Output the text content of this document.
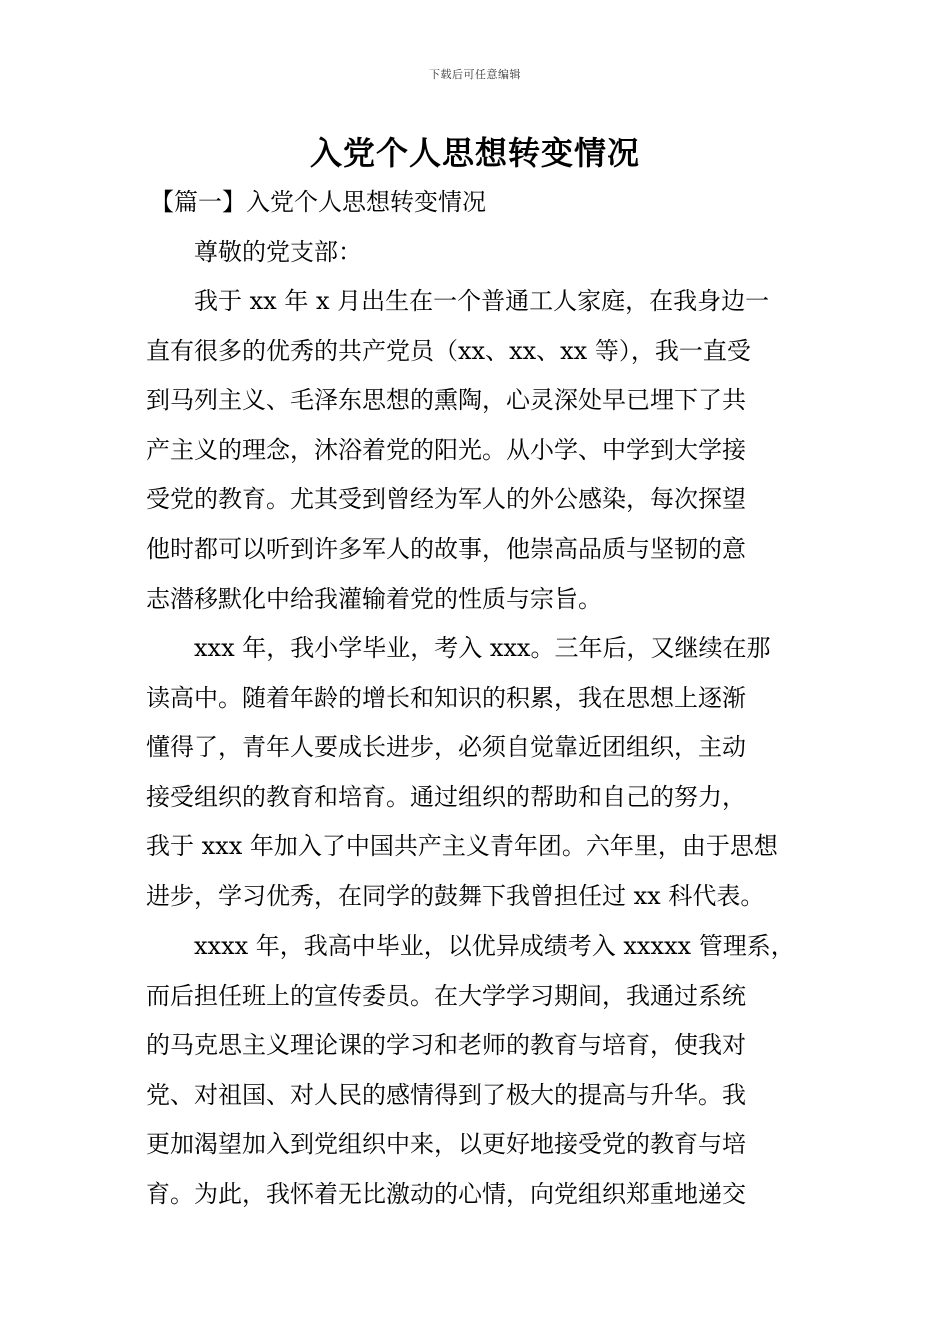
下载后可任意编辑
入党个人思想转变情况
【篇一】入党个人思想转变情况
尊敬的党支部：
我于 xx 年 x 月出生在一个普通工人家庭，在我身边一
直有很多的优秀的共产党员（xx、xx、xx 等），我一直受
到马列主义、毛泽东思想的熏陶，心灵深处早已埋下了共
产主义的理念，沐浴着党的阳光。从小学、中学到大学接
受党的教育。尤其受到曾经为军人的外公感染，每次探望
他时都可以听到许多军人的故事，他崇高品质与坚韧的意
志潜移默化中给我灌输着党的性质与宗旨。
xxx 年，我小学毕业，考入 xxx。三年后，又继续在那
读高中。随着年龄的增长和知识的积累，我在思想上逐渐
懂得了，青年人要成长进步，必须自觉靠近团组织，主动
接受组织的教育和培育。通过组织的帮助和自己的努力，
我于 xxx 年加入了中国共产主义青年团。六年里，由于思想
进步，学习优秀，在同学的鼓舞下我曾担任过 xx 科代表。
xxxx 年，我高中毕业，以优异成绩考入 xxxxx 管理系，
而后担任班上的宣传委员。在大学学习期间，我通过系统
的马克思主义理论课的学习和老师的教育与培育，使我对
党、对祖国、对人民的感情得到了极大的提高与升华。我
更加渴望加入到党组织中来，以更好地接受党的教育与培
育。为此，我怀着无比激动的心情，向党组织郑重地递交
